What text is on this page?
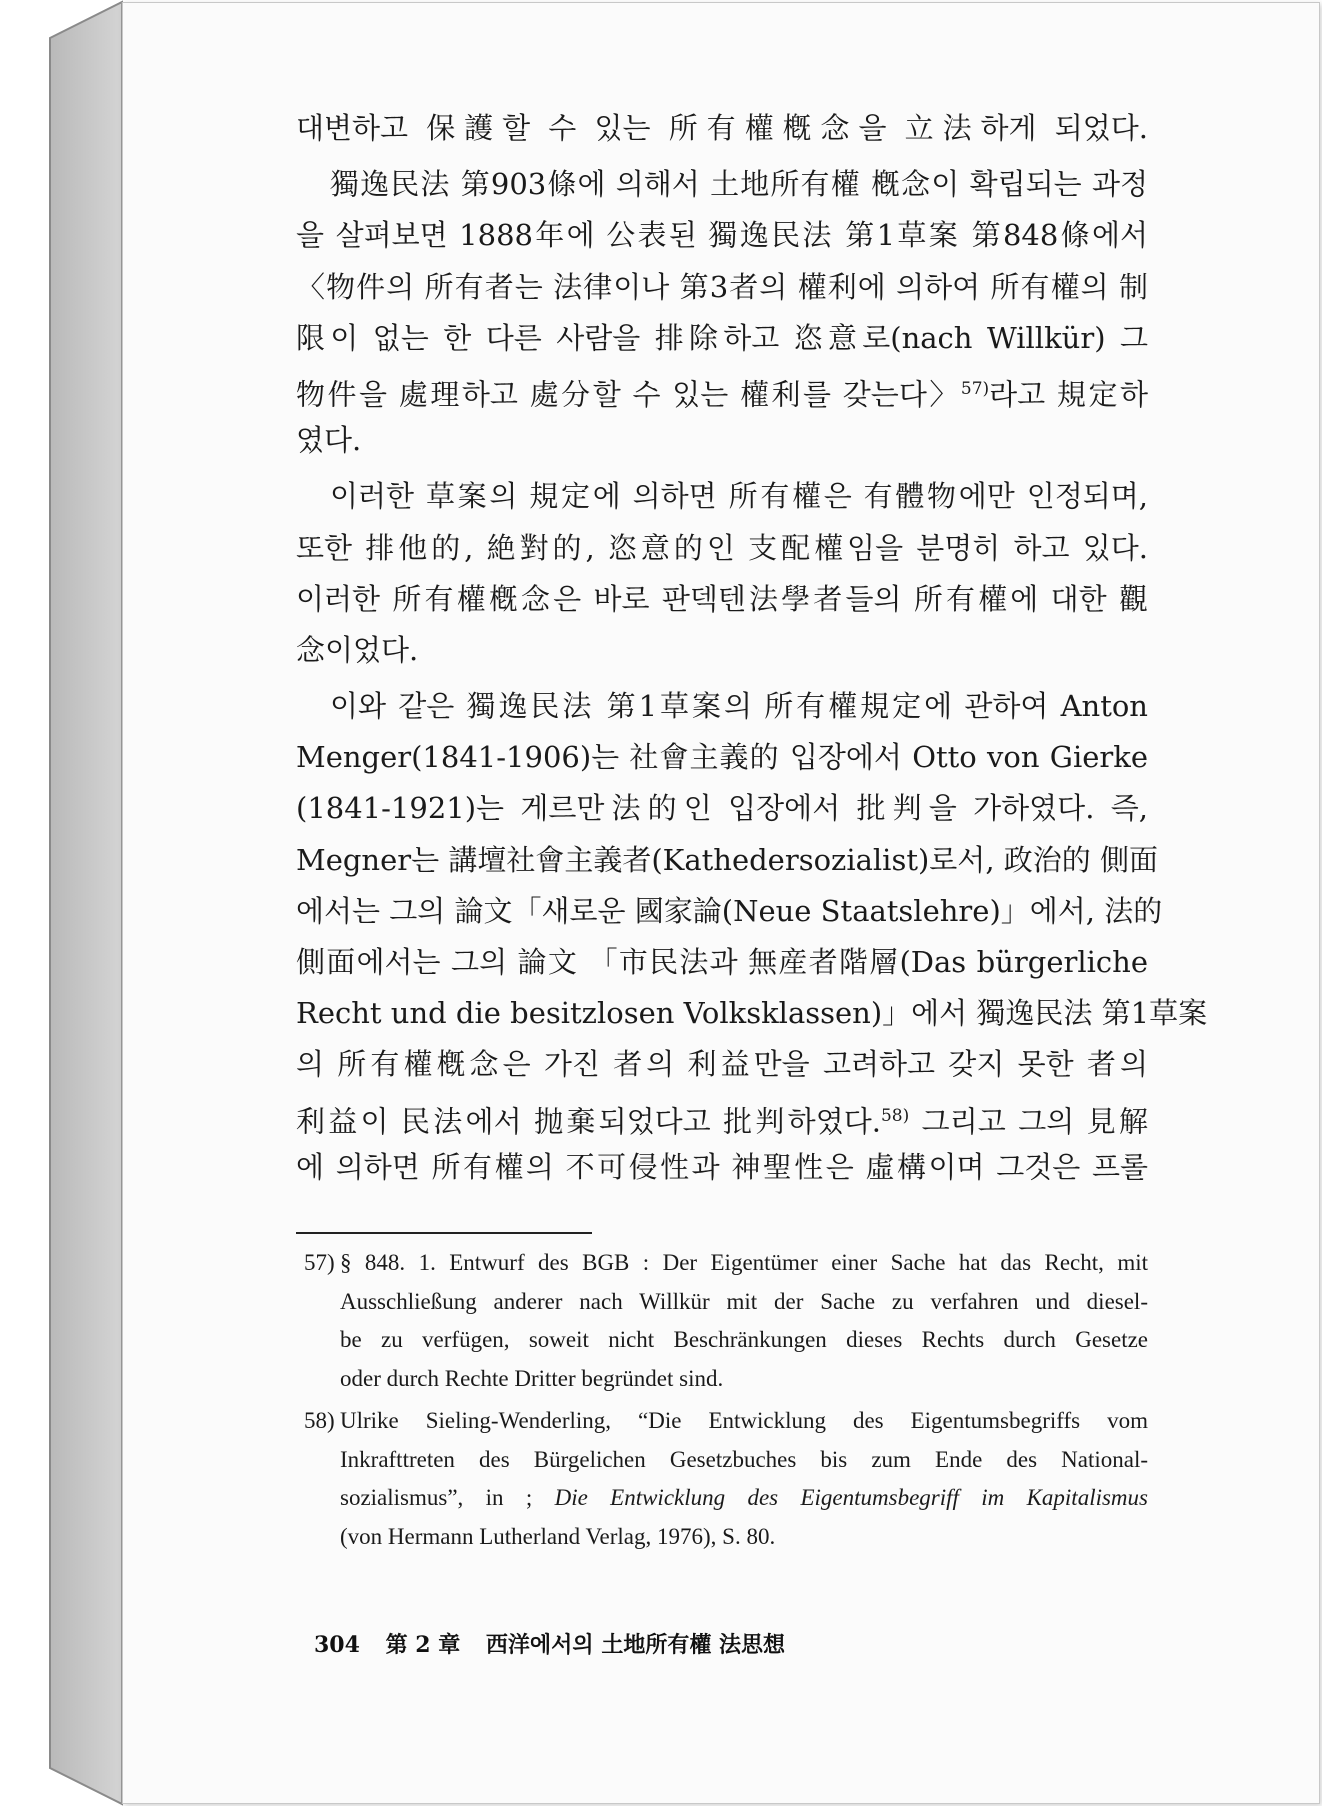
대변하고 保護할 수 있는 所有權槪念을 立法하게 되었다.
獨逸民法 第903條에 의해서 土地所有權 槪念이 확립되는 과정
을 살펴보면 1888年에 公表된 獨逸民法 第1草案 第848條에서
〈物件의 所有者는 法律이나 第3者의 權利에 의하여 所有權의 制
限이 없는 한 다른 사람을 排除하고 恣意로(nach Willkür) 그
物件을 處理하고 處分할 수 있는 權利를 갖는다〉$^{57)}$라고 規定하
였다.
이러한 草案의 規定에 의하면 所有權은 有體物에만 인정되며,
또한 排他的, 絶對的, 恣意的인 支配權임을 분명히 하고 있다.
이러한 所有權槪念은 바로 판덱텐法學者들의 所有權에 대한 觀
念이었다.
이와 같은 獨逸民法 第1草案의 所有權規定에 관하여 Anton
Menger(1841-1906)는 社會主義的 입장에서 Otto von Gierke
(1841-1921)는 게르만法的인 입장에서 批判을 가하였다. 즉,
Megner는 講壇社會主義者(Kathedersozialist)로서, 政治的 側面
에서는 그의 論文「새로운 國家論(Neue Staatslehre)」에서, 法的
側面에서는 그의 論文 「市民法과 無産者階層(Das bürgerliche
Recht und die besitzlosen Volksklassen)」에서 獨逸民法 第1草案
의 所有權槪念은 가진 者의 利益만을 고려하고 갖지 못한 者의
利益이 民法에서 抛棄되었다고 批判하였다.$^{58)}$ 그리고 그의 見解
에 의하면 所有權의 不可侵性과 神聖性은 虛構이며 그것은 프롤
57) § 848. 1. Entwurf des BGB : Der Eigentümer einer Sache hat das Recht, mit
Ausschließung anderer nach Willkür mit der Sache zu verfahren und diesel-
be zu verfügen, soweit nicht Beschränkungen dieses Rechts durch Gesetze
oder durch Rechte Dritter begründet sind.
58) Ulrike Sieling-Wenderling, “Die Entwicklung des Eigentumsbegriffs vom
Inkrafttreten des Bürgelichen Gesetzbuches bis zum Ende des National-
sozialismus”, in ; Die Entwicklung des Eigentumsbegriff im Kapitalismus
(von Hermann Lutherland Verlag, 1976), S. 80.
304 第 2 章 西洋에서의 土地所有權 法思想
